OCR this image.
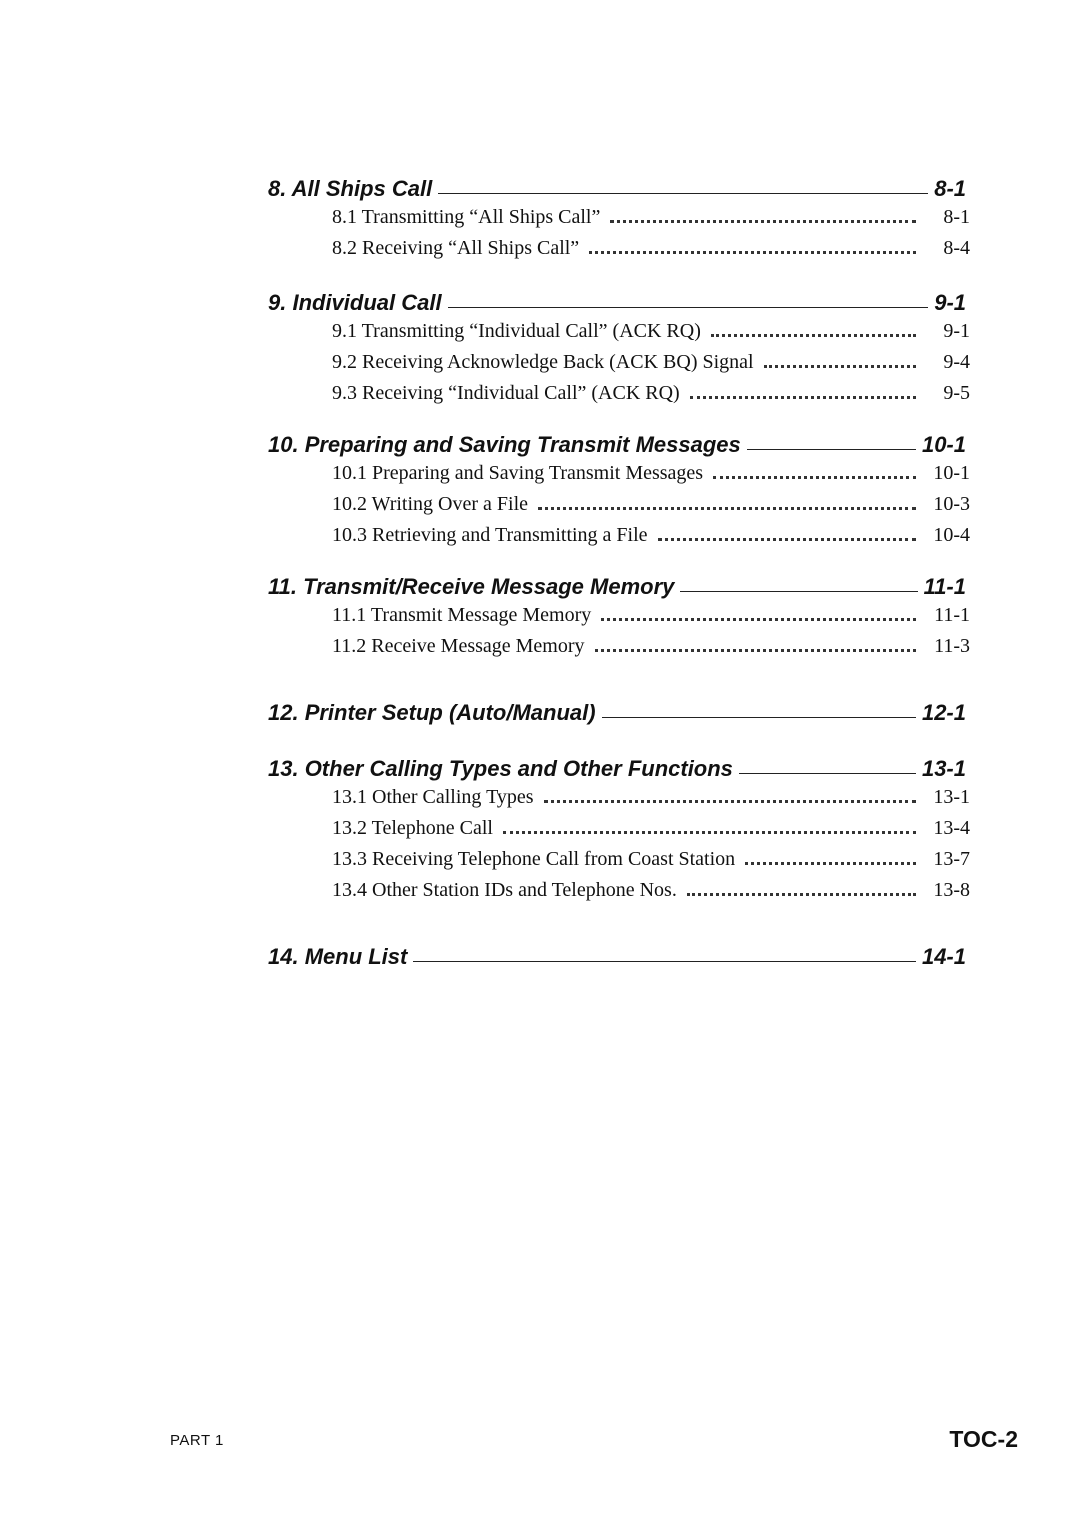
8. All Ships Call	8-1
8.1 Transmitting “All Ships Call”	8-1
8.2 Receiving “All Ships Call”	8-4
9. Individual Call	9-1
9.1 Transmitting “Individual Call” (ACK RQ)	9-1
9.2 Receiving Acknowledge Back (ACK BQ) Signal	9-4
9.3 Receiving “Individual Call” (ACK RQ)	9-5
10. Preparing and Saving Transmit Messages	10-1
10.1 Preparing and Saving Transmit Messages	10-1
10.2 Writing Over a File	10-3
10.3 Retrieving and Transmitting a File	10-4
11. Transmit/Receive Message Memory	11-1
11.1 Transmit Message Memory	11-1
11.2 Receive Message Memory	11-3
12. Printer Setup (Auto/Manual)	12-1
13. Other Calling Types and Other Functions	13-1
13.1 Other Calling Types	13-1
13.2 Telephone Call	13-4
13.3 Receiving Telephone Call from Coast Station	13-7
13.4 Other Station IDs and Telephone Nos.	13-8
14. Menu List	14-1
PART 1	TOC-2
